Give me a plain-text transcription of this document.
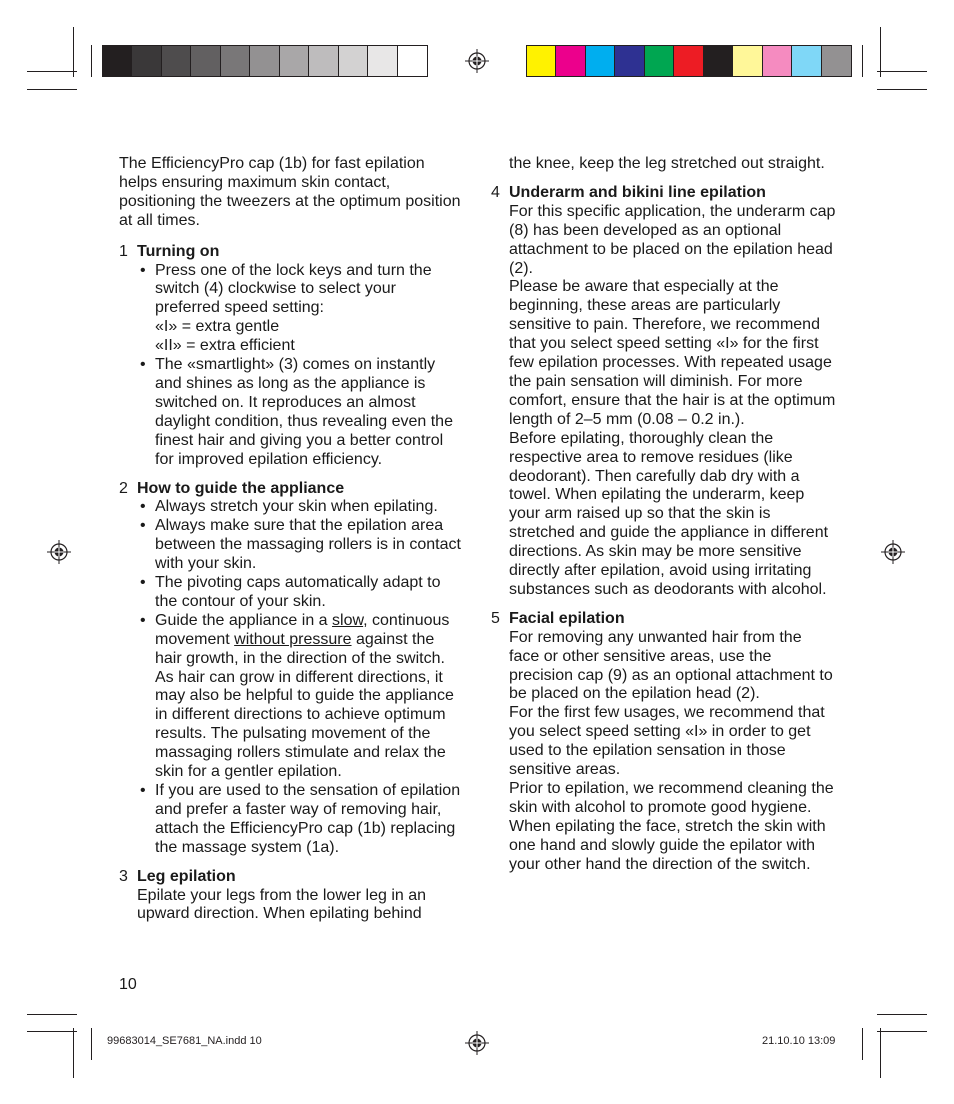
The EfficiencyPro cap (1b) for fast epilation helps ensuring maximum skin contact, positioning the tweezers at the optimum position at all times.

1 Turning on
• Press one of the lock keys and turn the switch (4) clockwise to select your preferred speed setting:
«I» = extra gentle
«II» = extra efficient
• The «smartlight» (3) comes on instantly and shines as long as the appliance is switched on. It reproduces an almost daylight condition, thus revealing even the finest hair and giving you a better control for improved epilation efficiency.
2 How to guide the appliance
• Always stretch your skin when epilating.
• Always make sure that the epilation area between the massaging rollers is in contact with your skin.
• The pivoting caps automatically adapt to the contour of your skin.
• Guide the appliance in a slow, continuous movement without pressure against the hair growth, in the direction of the switch. As hair can grow in different directions, it may also be helpful to guide the appliance in different directions to achieve optimum results. The pulsating movement of the massaging rollers stimulate and relax the skin for a gentler epilation.
• If you are used to the sensation of epilation and prefer a faster way of removing hair, attach the EfficiencyPro cap (1b) replacing the massage system (1a).
3 Leg epilation

Epilate your legs from the lower leg in an upward direction. When epilating behind

10

the knee, keep the leg stretched out straight.

4 Underarm and bikini line epilation

For this specific application, the underarm cap (8) has been developed as an optional attachment to be placed on the epilation head (2).

Please be aware that especially at the beginning, these areas are particularly sensitive to pain. Therefore, we recommend that you select speed setting «I» for the first few epilation processes. With repeated usage the pain sensation will diminish. For more comfort, ensure that the hair is at the optimum length of 2–5 mm (0.08 – 0.2 in.).

Before epilating, thoroughly clean the respective area to remove residues (like deodorant). Then carefully dab dry with a towel. When epilating the underarm, keep your arm raised up so that the skin is stretched and guide the appliance in different directions. As skin may be more sensitive directly after epilation, avoid using irritating substances such as deodorants with alcohol.

5 Facial epilation

For removing any unwanted hair from the face or other sensitive areas, use the precision cap (9) as an optional attachment to be placed on the epilation head (2).

For the first few usages, we recommend that you select speed setting «I» in order to get used to the epilation sensation in those sensitive areas.

Prior to epilation, we recommend cleaning the skin with alcohol to promote good hygiene.

When epilating the face, stretch the skin with one hand and slowly guide the epilator with your other hand the direction of the switch.

99683014_SE7681_NA.indd 10	21.10.10 13:09
